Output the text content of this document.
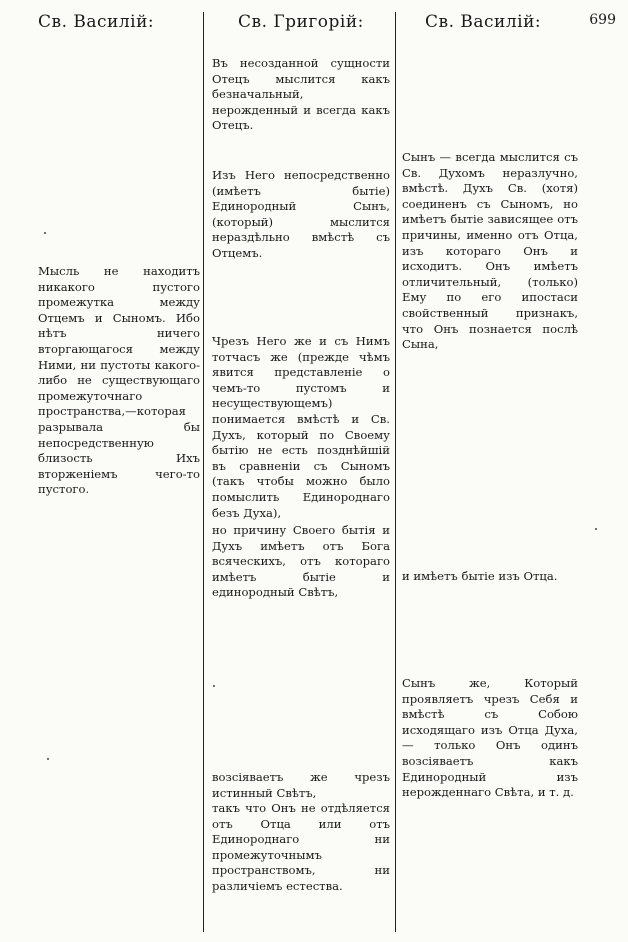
Св. Василій:	Св. Григорій:	Св. Василій:	699
Мысль не находитъ никакого пустого промежутка между Отцемъ и Сыномъ. Ибо нѣтъ ничего вторгающагося между Ними, ни пустоты какого-либо не существующаго промежуточнаго пространства,—которая разрывала бы непосредственную близость Ихъ вторженіемъ чего-то пустого.
Въ несозданной сущности Отецъ мыслится какъ безначальный, нерожденный и всегда какъ Отецъ.
Изъ Него непосредственно (имѣетъ бытіе) Единородный Сынъ, (который) мыслится нераздѣльно вмѣстѣ съ Отцемъ.
Чрезъ Него же и съ Нимъ тотчасъ же (прежде чѣмъ явится представленіе о чемъ-то пустомъ и несуществующемъ) понимается вмѣстѣ и Св. Духъ, который по Своему бытію не есть позднѣйшій въ сравненіи съ Сыномъ (такъ чтобы можно было помыслить Единороднаго безъ Духа),
но причину Своего бытія и Духъ имѣетъ отъ Бога всяческихъ, отъ котораго имѣетъ бытіе и единородный Свѣтъ,
возсіяваетъ же чрезъ истинный Свѣтъ,
такъ что Онъ не отдѣляется отъ Отца или отъ Единороднаго ни промежуточнымъ пространствомъ, ни различіемъ естества.
Сынъ — всегда мыслится съ Св. Духомъ неразлучно, вмѣстѣ. Духъ Св. (хотя) соединенъ съ Сыномъ, но имѣетъ бытіе зависящее отъ причины, именно отъ Отца, изъ котораго Онъ и исходитъ. Онъ имѣетъ отличительный, (только) Ему по его ипостаси свойственный признакъ, что Онъ познается послѣ Сына,
и имѣетъ бытіе изъ Отца.
Сынъ же, Который проявляетъ чрезъ Себя и вмѣстѣ съ Собою исходящаго изъ Отца Духа,— только Онъ одинъ возсіяваетъ какъ Единородный изъ нерожденнаго Свѣта, и т. д.
